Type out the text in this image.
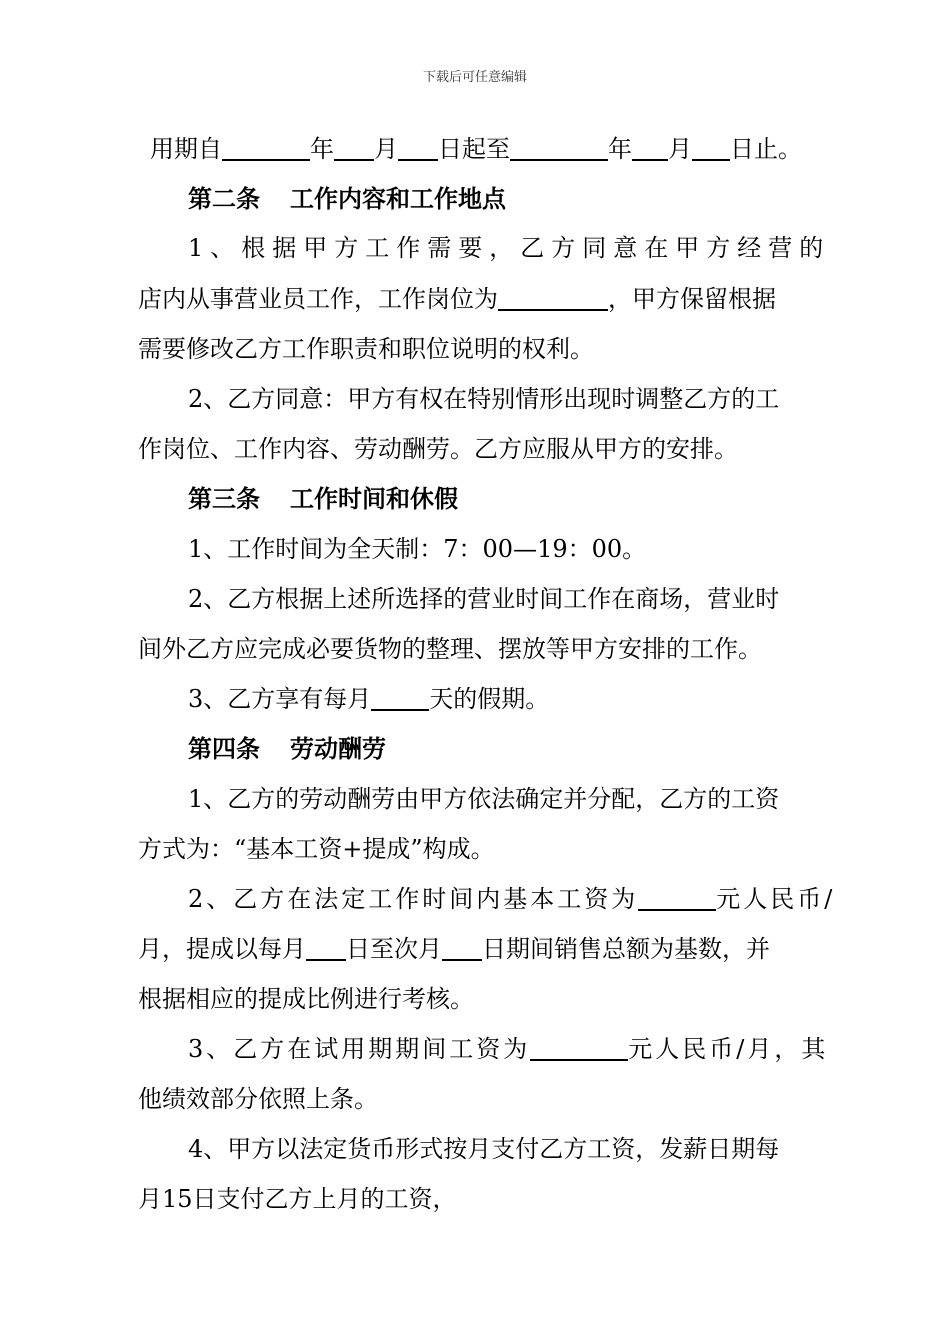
下载后可任意编辑
用期自	年 月 日起至	年 月 日止。
第二条 工作内容和工作地点
1、根据甲方工作需要，乙方同意在甲方经营的
店内从事营业员工作，工作岗位为	，甲方保留根据
需要修改乙方工作职责和职位说明的权利。
2、乙方同意：甲方有权在特别情形出现时调整乙方的工
作岗位、工作内容、劳动酬劳。乙方应服从甲方的安排。
第三条 工作时间和休假
1、工作时间为全天制：7：00—19：00。
2、乙方根据上述所选择的营业时间工作在商场，营业时
间外乙方应完成必要货物的整理、摆放等甲方安排的工作。
3、乙方享有每月 天的假期。
第四条 劳动酬劳
1、乙方的劳动酬劳由甲方依法确定并分配，乙方的工资
方式为：“基本工资+提成”构成。
2、乙方在法定工作时间内基本工资为	元人民币/
月，提成以每月 日至次月 日期间销售总额为基数，并
根据相应的提成比例进行考核。
3、乙方在试用期期间工资为	元人民币/月，其
他绩效部分依照上条。
4、甲方以法定货币形式按月支付乙方工资，发薪日期每
月15日支付乙方上月的工资，
